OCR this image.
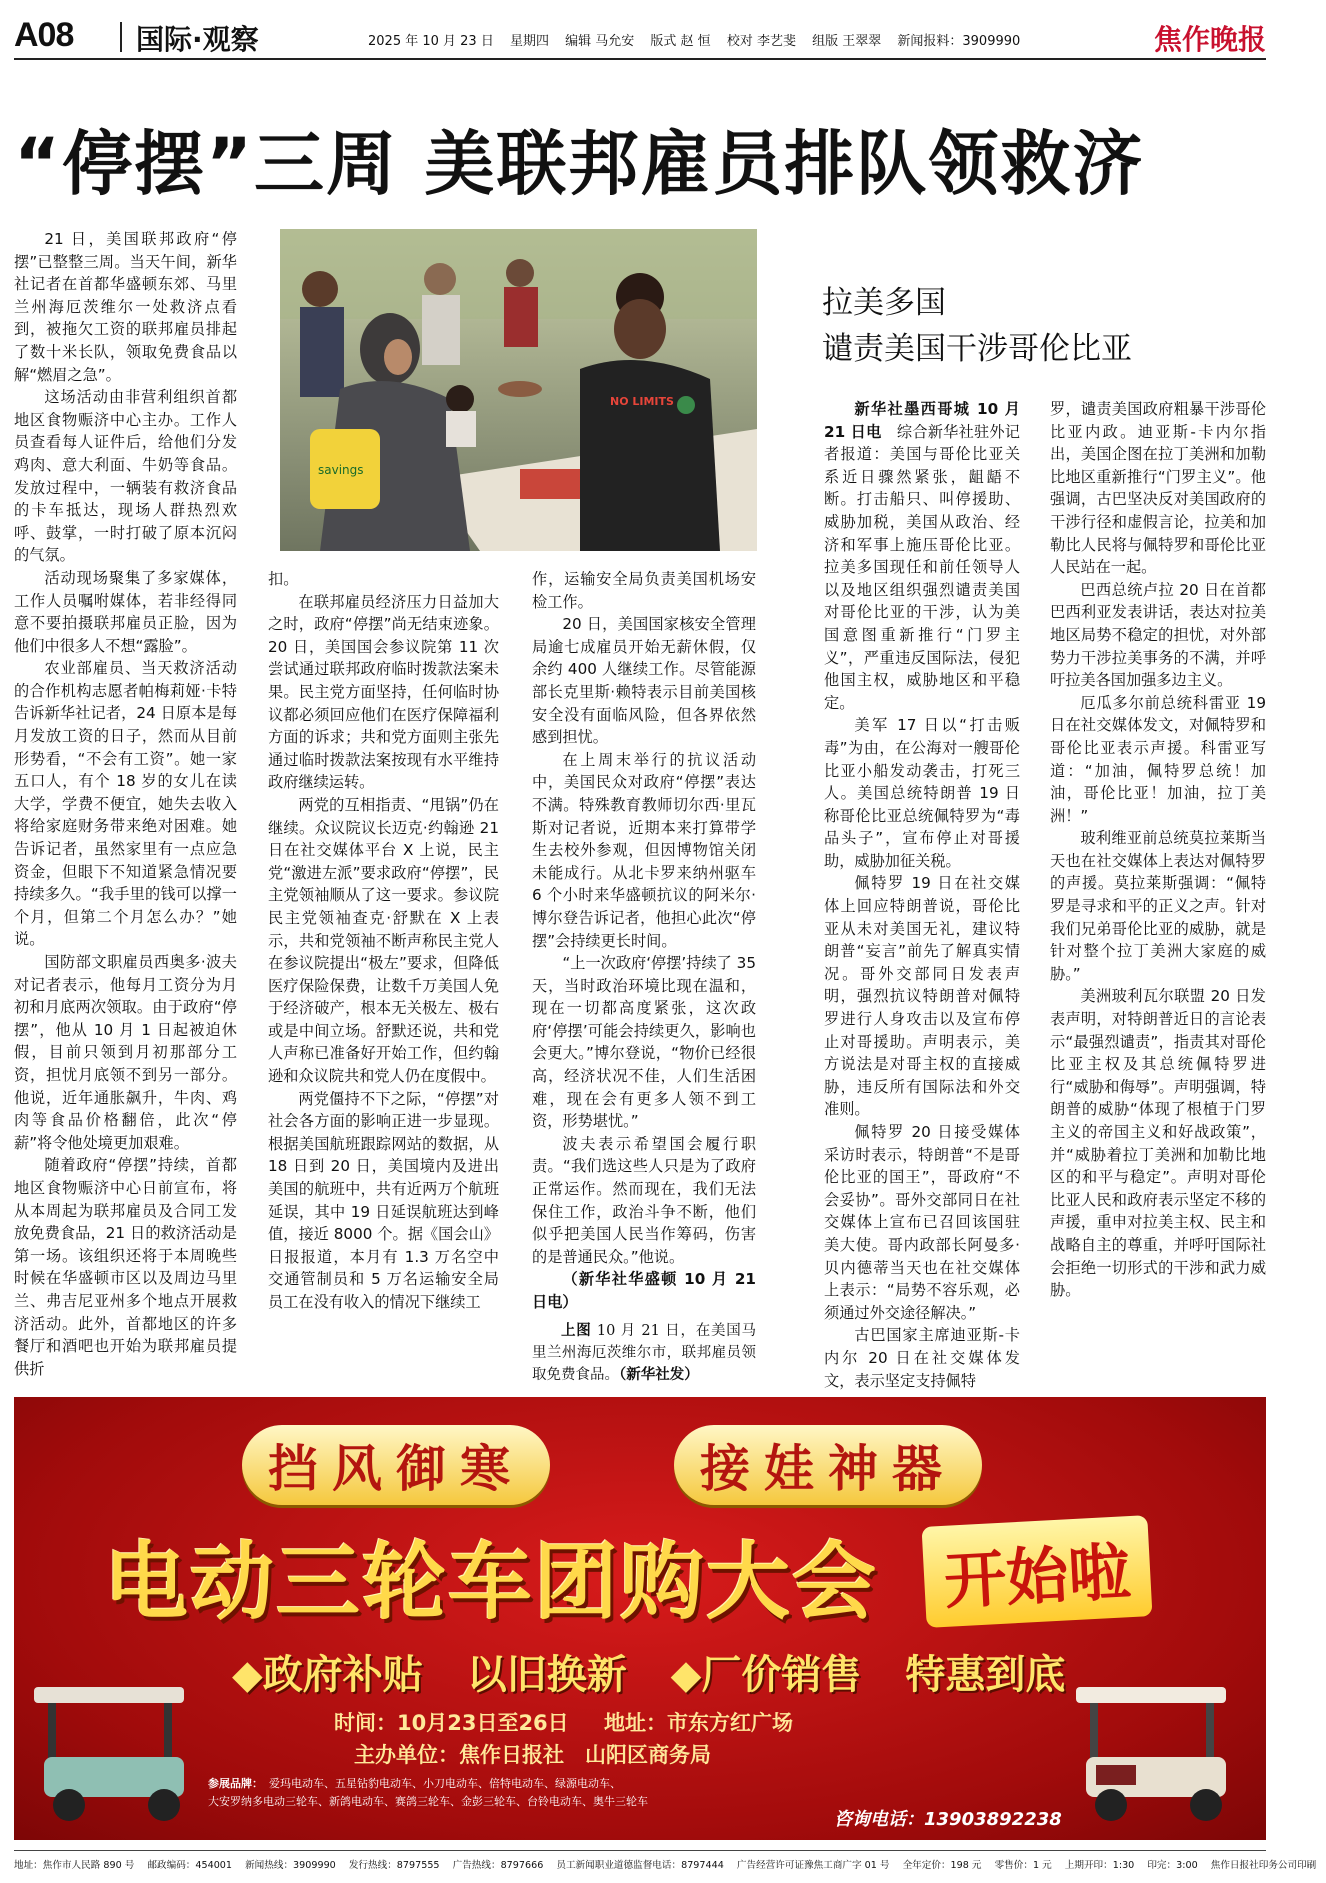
A08 国际·观察	2025 年 10 月 23 日 星期四 编辑 马允安 版式 赵 恒 校对 李艺斐 组版 王翠翠 新闻报料：3909990	焦作晚报
“停摆”三周 美联邦雇员排队领救济

21 日，美国联邦政府“停摆”已整整三周。当天午间，新华社记者在首都华盛顿东郊、马里兰州海厄茨维尔一处救济点看到，被拖欠工资的联邦雇员排起了数十米长队，领取免费食品以解“燃眉之急”。

这场活动由非营利组织首都地区食物赈济中心主办。工作人员查看每人证件后，给他们分发鸡肉、意大利面、牛奶等食品。发放过程中，一辆装有救济食品的卡车抵达，现场人群热烈欢呼、鼓掌，一时打破了原本沉闷的气氛。

活动现场聚集了多家媒体，工作人员嘱咐媒体，若非经得同意不要拍摄联邦雇员正脸，因为他们中很多人不想“露脸”。

农业部雇员、当天救济活动的合作机构志愿者帕梅莉娅·卡特告诉新华社记者，24 日原本是每月发放工资的日子，然而从目前形势看，“不会有工资”。她一家五口人，有个 18 岁的女儿在读大学，学费不便宜，她失去收入将给家庭财务带来绝对困难。她告诉记者，虽然家里有一点应急资金，但眼下不知道紧急情况要持续多久。“我手里的钱可以撑一个月，但第二个月怎么办？”她说。

国防部文职雇员西奥多·波夫对记者表示，他每月工资分为月初和月底两次领取。由于政府“停摆”，他从 10 月 1 日起被迫休假，目前只领到月初那部分工资，担忧月底领不到另一部分。他说，近年通胀飙升，牛肉、鸡肉等食品价格翻倍，此次“停薪”将令他处境更加艰难。

随着政府“停摆”持续，首都地区食物赈济中心日前宣布，将从本周起为联邦雇员及合同工发放免费食品，21 日的救济活动是第一场。该组织还将于本周晚些时候在华盛顿市区以及周边马里兰、弗吉尼亚州多个地点开展救济活动。此外，首都地区的许多餐厅和酒吧也开始为联邦雇员提供折

savings
NO LIMITS

扣。

在联邦雇员经济压力日益加大之时，政府“停摆”尚无结束迹象。20 日，美国国会参议院第 11 次尝试通过联邦政府临时拨款法案未果。民主党方面坚持，任何临时协议都必须回应他们在医疗保障福利方面的诉求；共和党方面则主张先通过临时拨款法案按现有水平维持政府继续运转。

两党的互相指责、“甩锅”仍在继续。众议院议长迈克·约翰逊 21 日在社交媒体平台 X 上说，民主党“激进左派”要求政府“停摆”，民主党领袖顺从了这一要求。参议院民主党领袖查克·舒默在 X 上表示，共和党领袖不断声称民主党人在参议院提出“极左”要求，但降低医疗保险保费，让数千万美国人免于经济破产，根本无关极左、极右或是中间立场。舒默还说，共和党人声称已准备好开始工作，但约翰逊和众议院共和党人仍在度假中。

两党僵持不下之际，“停摆”对社会各方面的影响正进一步显现。根据美国航班跟踪网站的数据，从 18 日到 20 日，美国境内及进出美国的航班中，共有近两万个航班延误，其中 19 日延误航班达到峰值，接近 8000 个。据《国会山》日报报道，本月有 1.3 万名空中交通管制员和 5 万名运输安全局员工在没有收入的情况下继续工

作，运输安全局负责美国机场安检工作。

20 日，美国国家核安全管理局逾七成雇员开始无薪休假，仅余约 400 人继续工作。尽管能源部长克里斯·赖特表示目前美国核安全没有面临风险，但各界依然感到担忧。

在上周末举行的抗议活动中，美国民众对政府“停摆”表达不满。特殊教育教师切尔西·里瓦斯对记者说，近期本来打算带学生去校外参观，但因博物馆关闭未能成行。从北卡罗来纳州驱车 6 个小时来华盛顿抗议的阿米尔·博尔登告诉记者，他担心此次“停摆”会持续更长时间。

“上一次政府‘停摆’持续了 35 天，当时政治环境比现在温和，现在一切都高度紧张，这次政府‘停摆’可能会持续更久，影响也会更大。”博尔登说，“物价已经很高，经济状况不佳，人们生活困难，现在会有更多人领不到工资，形势堪忧。”

波夫表示希望国会履行职责。“我们选这些人只是为了政府正常运作。然而现在，我们无法保住工作，政治斗争不断，他们似乎把美国人民当作筹码，伤害的是普通民众。”他说。

（新华社华盛顿 10 月 21 日电）

上图 10 月 21 日，在美国马里兰州海厄茨维尔市，联邦雇员领取免费食品。（新华社发）

拉美多国
谴责美国干涉哥伦比亚

新华社墨西哥城 10 月 21 日电　 综合新华社驻外记者报道：美国与哥伦比亚关系近日骤然紧张，龃龉不断。打击船只、叫停援助、威胁加税，美国从政治、经济和军事上施压哥伦比亚。拉美多国现任和前任领导人以及地区组织强烈谴责美国对哥伦比亚的干涉，认为美国意图重新推行“门罗主义”，严重违反国际法，侵犯他国主权，威胁地区和平稳定。

美军 17 日以“打击贩毒”为由，在公海对一艘哥伦比亚小船发动袭击，打死三人。美国总统特朗普 19 日称哥伦比亚总统佩特罗为“毒品头子”，宣布停止对哥援助，威胁加征关税。

佩特罗 19 日在社交媒体上回应特朗普说，哥伦比亚从未对美国无礼，建议特朗普“妄言”前先了解真实情况。哥外交部同日发表声明，强烈抗议特朗普对佩特罗进行人身攻击以及宣布停止对哥援助。声明表示，美方说法是对哥主权的直接威胁，违反所有国际法和外交准则。

佩特罗 20 日接受媒体采访时表示，特朗普“不是哥伦比亚的国王”，哥政府“不会妥协”。哥外交部同日在社交媒体上宣布已召回该国驻美大使。哥内政部长阿曼多·贝内德蒂当天也在社交媒体上表示：“局势不容乐观，必须通过外交途径解决。”

古巴国家主席迪亚斯-卡内尔 20 日在社交媒体发文，表示坚定支持佩特

罗，谴责美国政府粗暴干涉哥伦比亚内政。迪亚斯-卡内尔指出，美国企图在拉丁美洲和加勒比地区重新推行“门罗主义”。他强调，古巴坚决反对美国政府的干涉行径和虚假言论，拉美和加勒比人民将与佩特罗和哥伦比亚人民站在一起。

巴西总统卢拉 20 日在首都巴西利亚发表讲话，表达对拉美地区局势不稳定的担忧，对外部势力干涉拉美事务的不满，并呼吁拉美各国加强多边主义。

厄瓜多尔前总统科雷亚 19 日在社交媒体发文，对佩特罗和哥伦比亚表示声援。科雷亚写道：“加油，佩特罗总统！加油，哥伦比亚！加油，拉丁美洲！”

玻利维亚前总统莫拉莱斯当天也在社交媒体上表达对佩特罗的声援。莫拉莱斯强调：“佩特罗是寻求和平的正义之声。针对我们兄弟哥伦比亚的威胁，就是针对整个拉丁美洲大家庭的威胁。”

美洲玻利瓦尔联盟 20 日发表声明，对特朗普近日的言论表示“最强烈谴责”，指责其对哥伦比亚主权及其总统佩特罗进行“威胁和侮辱”。声明强调，特朗普的威胁“体现了根植于门罗主义的帝国主义和好战政策”，并“威胁着拉丁美洲和加勒比地区的和平与稳定”。声明对哥伦比亚人民和政府表示坚定不移的声援，重申对拉美主权、民主和战略自主的尊重，并呼吁国际社会拒绝一切形式的干涉和武力威胁。

挡风御寒	接娃神器
电动三轮车团购大会	开始啦
◆政府补贴 以旧换新 ◆厂价销售 特惠到底
时间：10月23日至26日 地址：市东方红广场
主办单位：焦作日报社　山阳区商务局
参展品牌： 爱玛电动车、五星钻豹电动车、小刀电动车、倍特电动车、绿源电动车、
大安罗纳多电动三轮车、新鸽电动车、赛鸽三轮车、金彭三轮车、台铃电动车、奥牛三轮车
咨询电话：13903892238
地址：焦作市人民路 890 号 邮政编码：454001 新闻热线：3909990 发行热线：8797555 广告热线：8797666 员工新闻职业道德监督电话：8797444 广告经营许可证豫焦工商广字 01 号 全年定价：198 元 零售价：1 元 上期开印：1:30 印完：3:00 焦作日报社印务公司印刷
